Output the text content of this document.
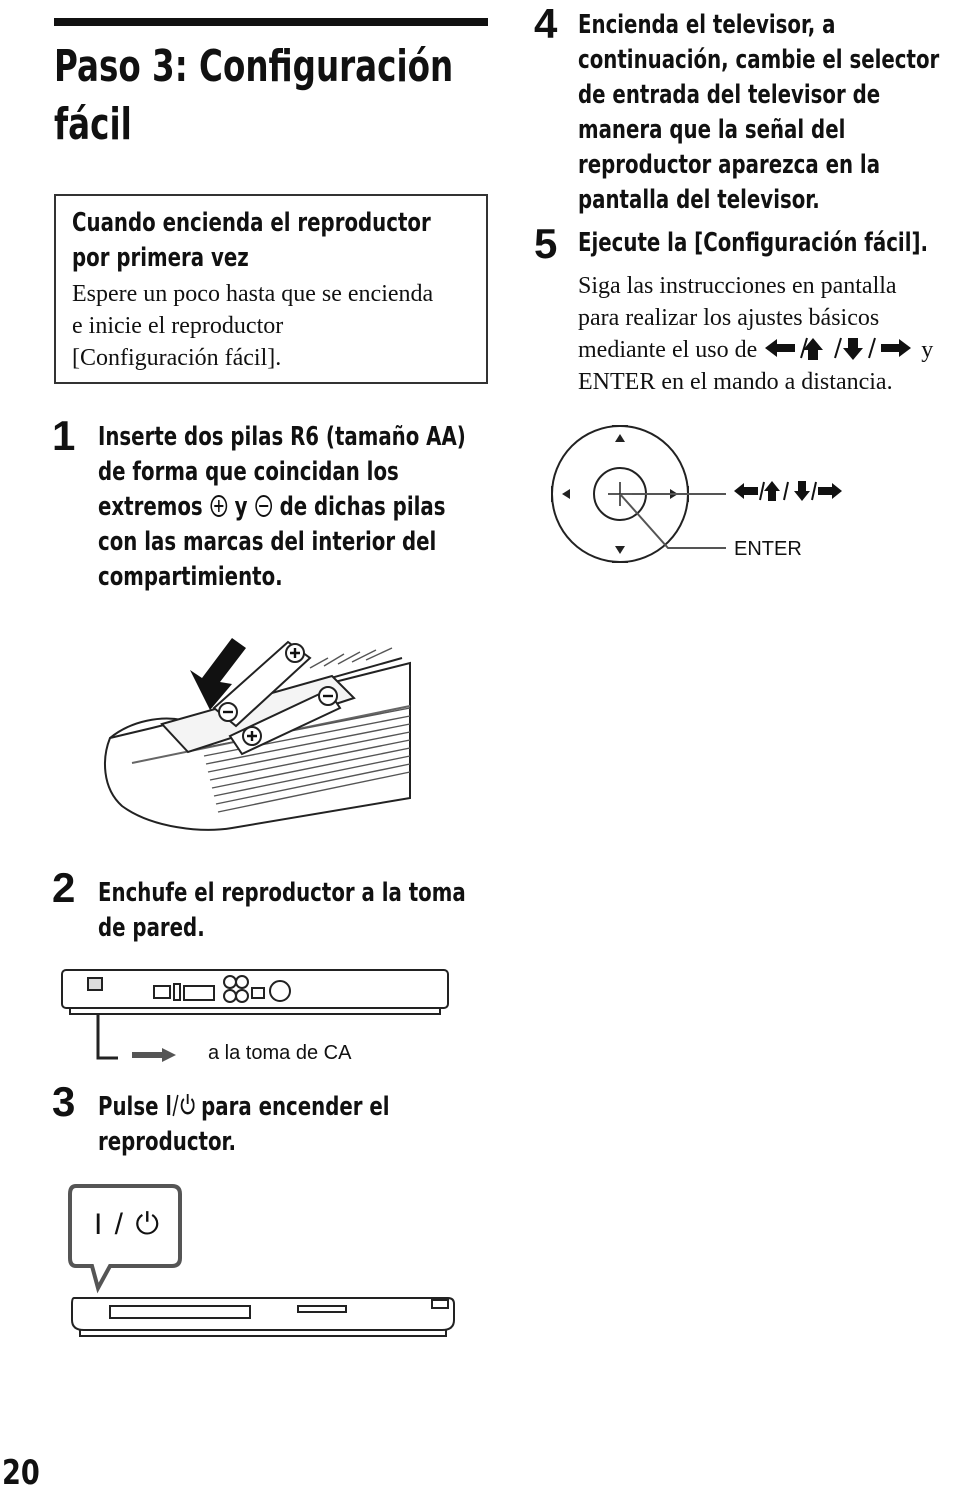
Paso 3: Configuración
fácil
Cuando encienda el reproductor
por primera vez
Espere un poco hasta que se encienda
e inicie el reproductor
[Configuración fácil].
1 Inserte dos pilas R6 (tamaño AA)
de forma que coincidan los
extremos y de dichas pilas
con las marcas del interior del
compartimiento.
2 Enchufe el reproductor a la toma
de pared.
a la toma de CA
3 Pulse para encender el
reproductor.
I / ⏻
20
4 Encienda el televisor, a
continuación, cambie el selector
de entrada del televisor de
manera que la señal del
reproductor aparezca en la
pantalla del televisor.
5 Ejecute la [Configuración fácil].
Siga las instrucciones en pantalla
para realizar los ajustes básicos
mediante el uso de	y
ENTER en el mando a distancia.
ENTER
